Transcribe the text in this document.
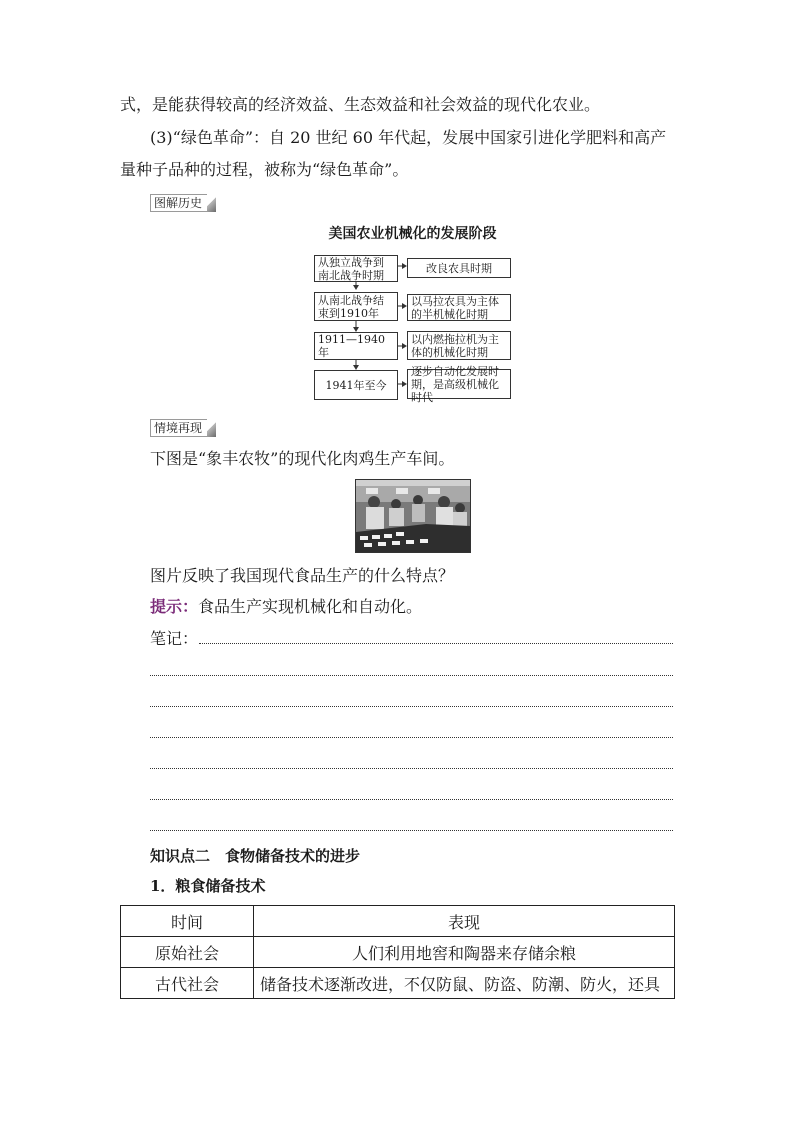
式，是能获得较高的经济效益、生态效益和社会效益的现代化农业。
(3)“绿色革命”：自 20 世纪 60 年代起，发展中国家引进化学肥料和高产
量种子品种的过程，被称为“绿色革命”。
图解历史
美国农业机械化的发展阶段
从独立战争到南北战争时期
改良农具时期
从南北战争结束到1910年
以马拉农具为主体的半机械化时期
1911—1940年
以内燃拖拉机为主体的机械化时期
1941年至今
逐步自动化发展时期，是高级机械化时代
情境再现
下图是“象丰农牧”的现代化肉鸡生产车间。
图片反映了我国现代食品生产的什么特点？
提示：食品生产实现机械化和自动化。
笔记：
知识点二　食物储备技术的进步
1．粮食储备技术
时间	表现
原始社会	人们利用地窖和陶器来存储余粮
古代社会	储备技术逐渐改进，不仅防鼠、防盗、防潮、防火，还具
